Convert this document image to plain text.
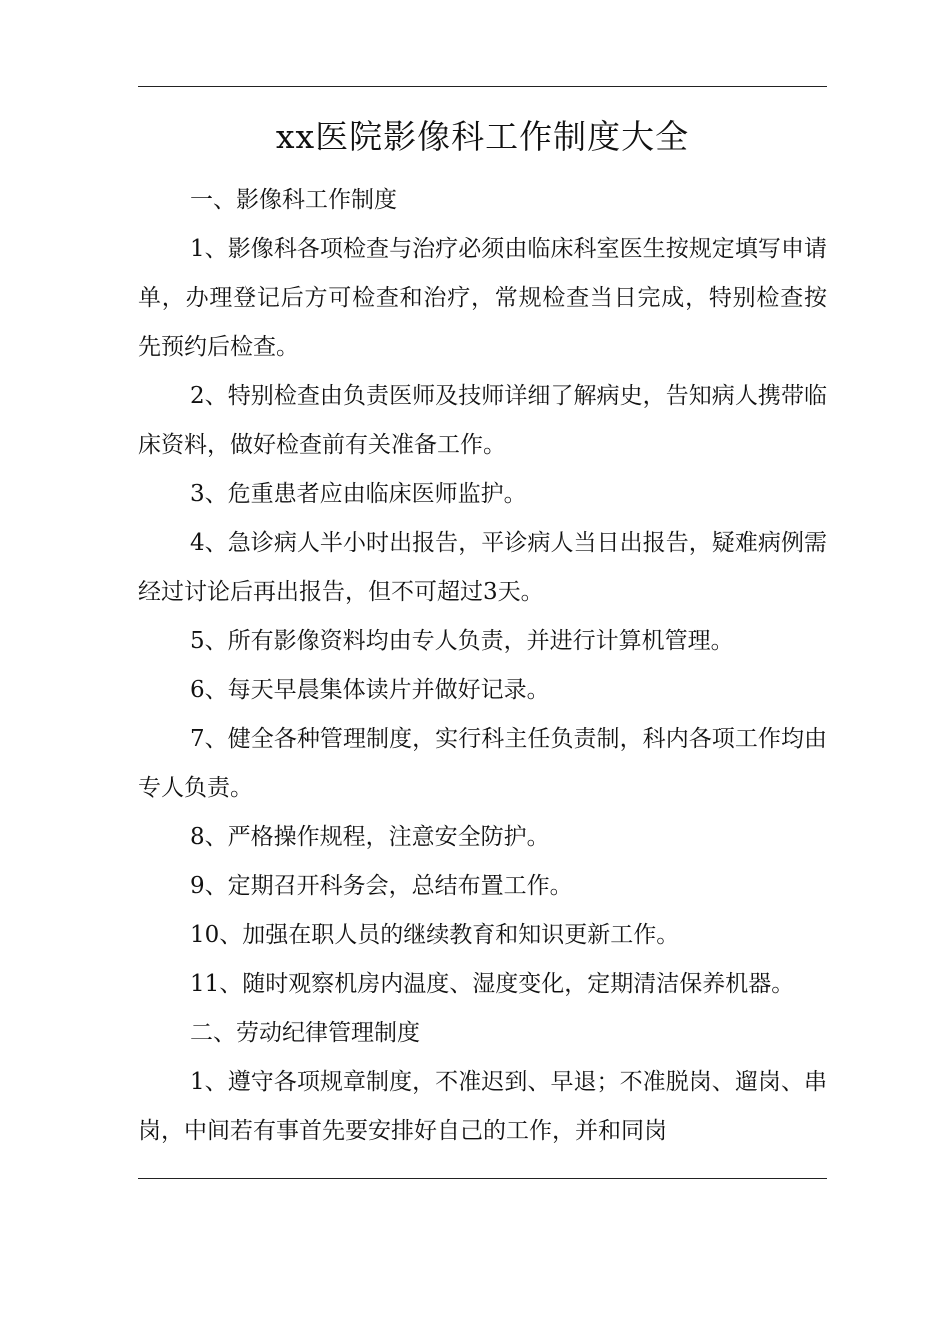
xx医院影像科工作制度大全

一、影像科工作制度

1、影像科各项检查与治疗必须由临床科室医生按规定填写申请单，办理登记后方可检查和治疗，常规检查当日完成，特别检查按先预约后检查。

2、特别检查由负责医师及技师详细了解病史，告知病人携带临床资料，做好检查前有关准备工作。

3、危重患者应由临床医师监护。

4、急诊病人半小时出报告，平诊病人当日出报告，疑难病例需经过讨论后再出报告，但不可超过3天。

5、所有影像资料均由专人负责，并进行计算机管理。

6、每天早晨集体读片并做好记录。

7、健全各种管理制度，实行科主任负责制，科内各项工作均由专人负责。

8、严格操作规程，注意安全防护。

9、定期召开科务会，总结布置工作。

10、加强在职人员的继续教育和知识更新工作。

11、随时观察机房内温度、湿度变化，定期清洁保养机器。

二、劳动纪律管理制度

1、遵守各项规章制度，不准迟到、早退；不准脱岗、遛岗、串岗，中间若有事首先要安排好自己的工作，并和同岗
